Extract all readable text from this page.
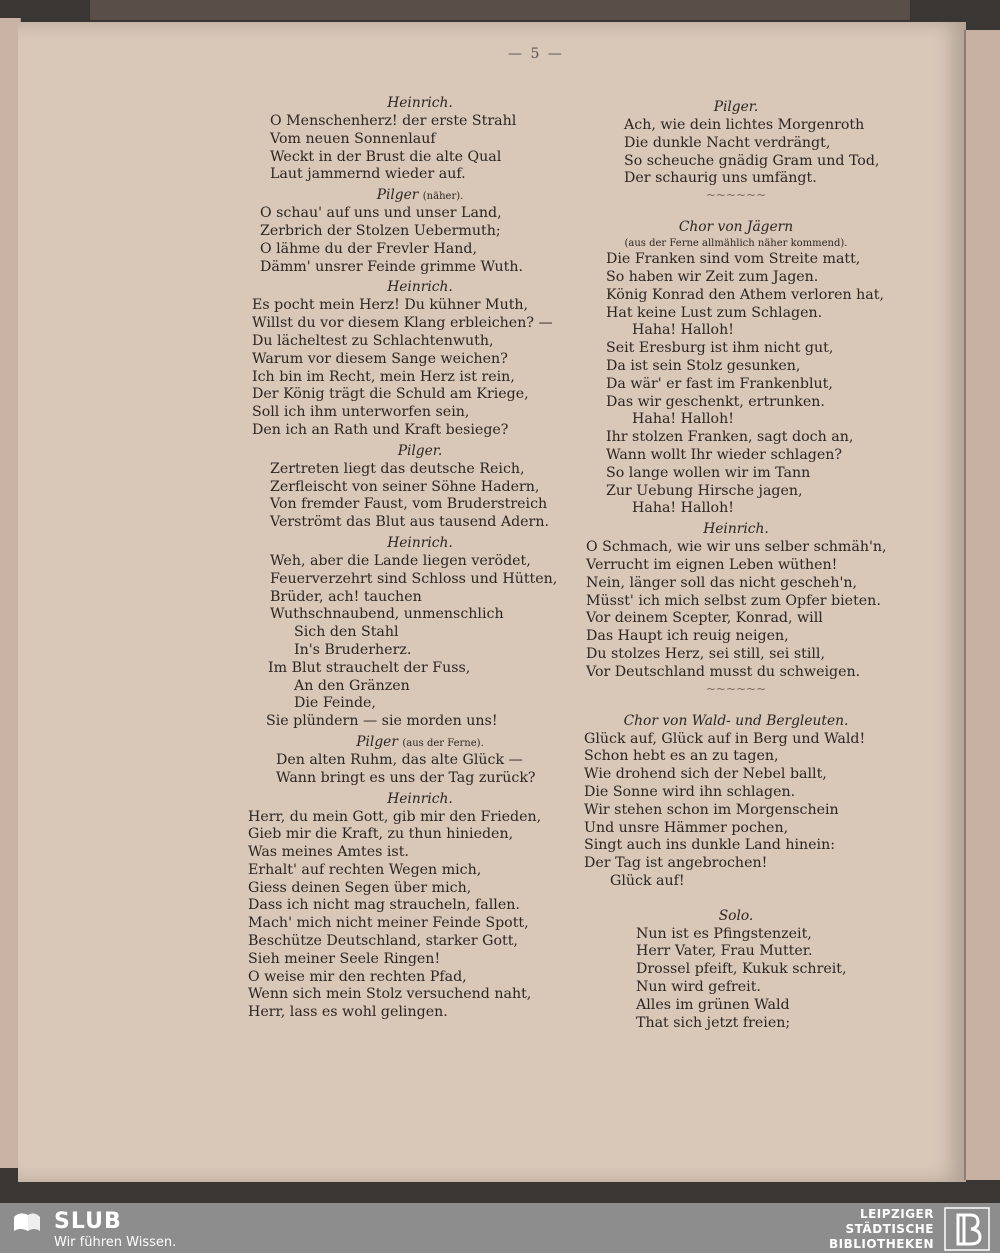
— 5 —
Heinrich.
O Menschenherz! der erste Strahl
Vom neuen Sonnenlauf
Weckt in der Brust die alte Qual
Laut jammernd wieder auf.
Pilger (näher).
O schau' auf uns und unser Land,
Zerbrich der Stolzen Uebermuth;
O lähme du der Frevler Hand,
Dämm' unsrer Feinde grimme Wuth.
Heinrich.
Es pocht mein Herz! Du kühner Muth,
Willst du vor diesem Klang erbleichen? —
Du lächeltest zu Schlachtenwuth,
Warum vor diesem Sange weichen?
Ich bin im Recht, mein Herz ist rein,
Der König trägt die Schuld am Kriege,
Soll ich ihm unterworfen sein,
Den ich an Rath und Kraft besiege?
Pilger.
Zertreten liegt das deutsche Reich,
Zerfleischt von seiner Söhne Hadern,
Von fremder Faust, vom Bruderstreich
Verströmt das Blut aus tausend Adern.
Heinrich.
Weh, aber die Lande liegen verödet,
Feuerverzehrt sind Schloss und Hütten,
Brüder, ach! tauchen
Wuthschnaubend, unmenschlich
Sich den Stahl
In's Bruderherz.
Im Blut strauchelt der Fuss,
An den Gränzen
Die Feinde,
Sie plündern — sie morden uns!
Pilger (aus der Ferne).
Den alten Ruhm, das alte Glück —
Wann bringt es uns der Tag zurück?
Heinrich.
Herr, du mein Gott, gib mir den Frieden,
Gieb mir die Kraft, zu thun hinieden,
Was meines Amtes ist.
Erhalt' auf rechten Wegen mich,
Giess deinen Segen über mich,
Dass ich nicht mag straucheln, fallen.
Mach' mich nicht meiner Feinde Spott,
Beschütze Deutschland, starker Gott,
Sieh meiner Seele Ringen!
O weise mir den rechten Pfad,
Wenn sich mein Stolz versuchend naht,
Herr, lass es wohl gelingen.
Pilger.
Ach, wie dein lichtes Morgenroth
Die dunkle Nacht verdrängt,
So scheuche gnädig Gram und Tod,
Der schaurig uns umfängt.
~~~~~~
Chor von Jägern
(aus der Ferne allmählich näher kommend).
Die Franken sind vom Streite matt,
So haben wir Zeit zum Jagen.
König Konrad den Athem verloren hat,
Hat keine Lust zum Schlagen.
Haha! Halloh!
Seit Eresburg ist ihm nicht gut,
Da ist sein Stolz gesunken,
Da wär' er fast im Frankenblut,
Das wir geschenkt, ertrunken.
Haha! Halloh!
Ihr stolzen Franken, sagt doch an,
Wann wollt Ihr wieder schlagen?
So lange wollen wir im Tann
Zur Uebung Hirsche jagen,
Haha! Halloh!
Heinrich.
O Schmach, wie wir uns selber schmäh'n,
Verrucht im eignen Leben wüthen!
Nein, länger soll das nicht gescheh'n,
Müsst' ich mich selbst zum Opfer bieten.
Vor deinem Scepter, Konrad, will
Das Haupt ich reuig neigen,
Du stolzes Herz, sei still, sei still,
Vor Deutschland musst du schweigen.
~~~~~~
Chor von Wald- und Bergleuten.
Glück auf, Glück auf in Berg und Wald!
Schon hebt es an zu tagen,
Wie drohend sich der Nebel ballt,
Die Sonne wird ihn schlagen.
Wir stehen schon im Morgenschein
Und unsre Hämmer pochen,
Singt auch ins dunkle Land hinein:
Der Tag ist angebrochen!
Glück auf!
Solo.
Nun ist es Pfingstenzeit,
Herr Vater, Frau Mutter.
Drossel pfeift, Kukuk schreit,
Nun wird gefreit.
Alles im grünen Wald
That sich jetzt freien;
SLUB
Wir führen Wissen.
LEIPZIGER
STÄDTISCHE
BIBLIOTHEKEN
